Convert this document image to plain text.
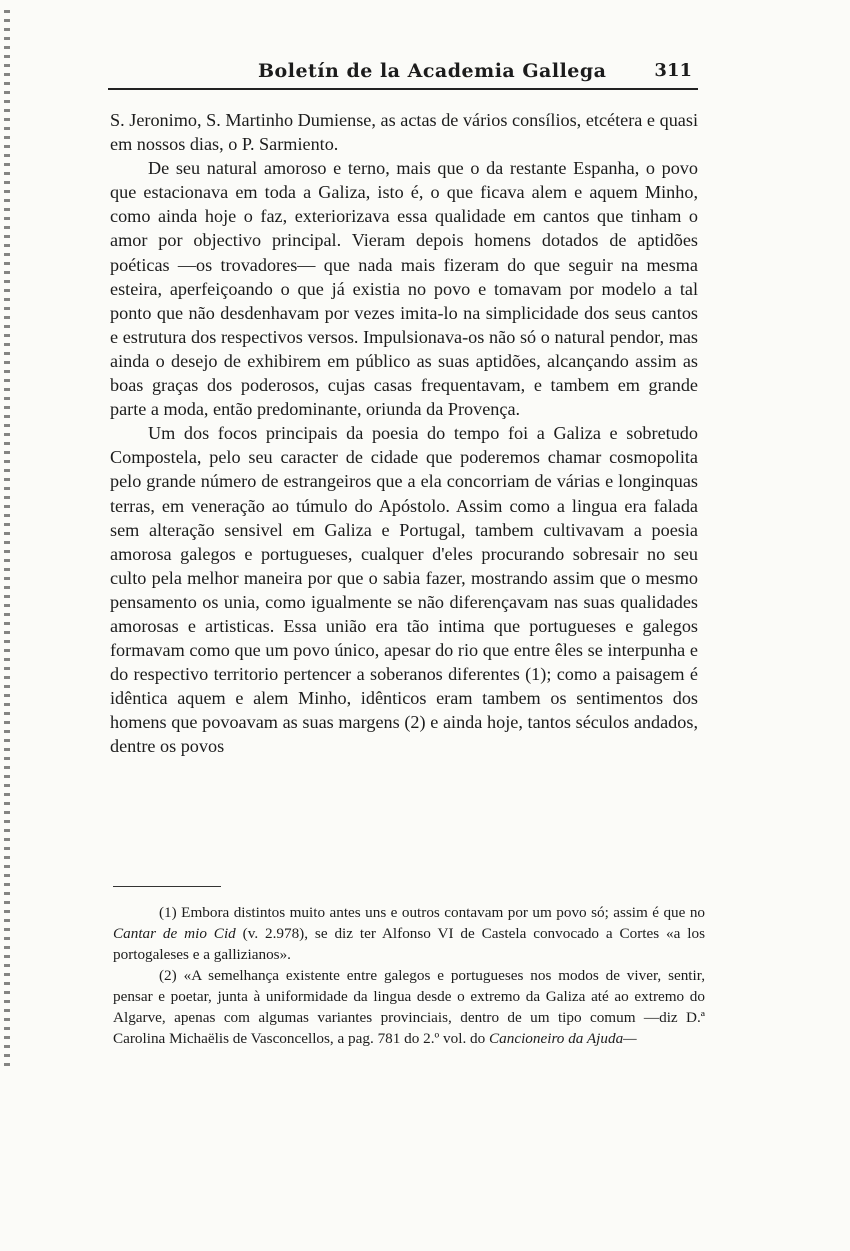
Boletín de la Academia Gallega	311

S. Jeronimo, S. Martinho Dumiense, as actas de vários consílios, etcétera e quasi em nossos dias, o P. Sarmiento.

De seu natural amoroso e terno, mais que o da restante Espanha, o povo que estacionava em toda a Galiza, isto é, o que ficava alem e aquem Minho, como ainda hoje o faz, exteriorizava essa qualidade em cantos que tinham o amor por objectivo principal. Vieram depois homens dotados de aptidões poéticas —os trovadores— que nada mais fizeram do que seguir na mesma esteira, aperfeiçoando o que já existia no povo e tomavam por modelo a tal ponto que não desdenhavam por vezes imita-lo na simplicidade dos seus cantos e estrutura dos respectivos versos. Impulsionava-os não só o natural pendor, mas ainda o desejo de exhibirem em público as suas aptidões, alcançando assim as boas graças dos poderosos, cujas casas frequentavam, e tambem em grande parte a moda, então predominante, oriunda da Provença.

Um dos focos principais da poesia do tempo foi a Galiza e sobretudo Compostela, pelo seu caracter de cidade que poderemos chamar cosmopolita pelo grande número de estrangeiros que a ela concorriam de várias e longinquas terras, em veneração ao túmulo do Apóstolo. Assim como a lingua era falada sem alteração sensivel em Galiza e Portugal, tambem cultivavam a poesia amorosa galegos e portugueses, cualquer d'eles procurando sobresair no seu culto pela melhor maneira por que o sabia fazer, mostrando assim que o mesmo pensamento os unia, como igualmente se não diferençavam nas suas qualidades amorosas e artisticas. Essa união era tão intima que portugueses e galegos formavam como que um povo único, apesar do rio que entre êles se interpunha e do respectivo territorio pertencer a soberanos diferentes (1); como a paisagem é idêntica aquem e alem Minho, idênticos eram tambem os sentimentos dos homens que povoavam as suas margens (2) e ainda hoje, tantos séculos andados, dentre os povos

(1) Embora distintos muito antes uns e outros contavam por um povo só; assim é que no Cantar de mio Cid (v. 2.978), se diz ter Alfonso VI de Castela convocado a Cortes «a los portogaleses e a gallizianos».

(2) «A semelhança existente entre galegos e portugueses nos modos de viver, sentir, pensar e poetar, junta à uniformidade da lingua desde o extremo da Galiza até ao extremo do Algarve, apenas com algumas variantes provinciais, dentro de um tipo comum —diz D.ª Carolina Michaëlis de Vasconcellos, a pag. 781 do 2.º vol. do Cancioneiro da Ajuda—
